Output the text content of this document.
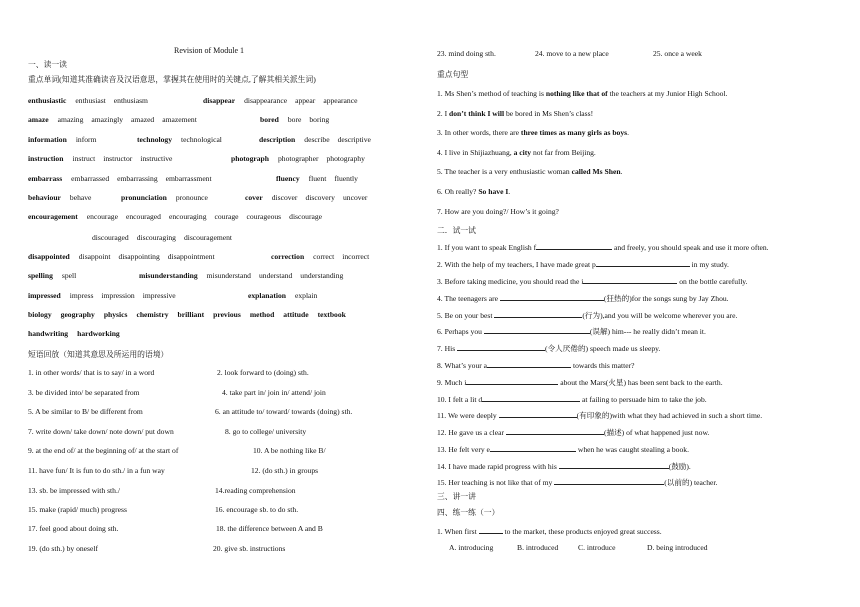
Revision of Module 1
一、读一读
重点单词(知道其准确读音及汉语意思，掌握其在使用时的关键点,了解其相关派生词)
enthusiastic enthusiast enthusiasm	disappear disappearance appear appearance
amaze amazing amazingly amazed amazement	bored bore boring
information inform	technology technological	description describe descriptive
instruction instruct instructor instructive	photograph photographer photography
embarrass embarrassed embarrassing embarrassment	fluency fluent fluently
behaviour behave	pronunciation pronounce	cover discover discovery uncover
encouragement encourage encouraged encouraging courage courageous discourage
discouraged discouraging discouragement
disappointed disappoint disappointing disappointment	correction correct incorrect
spelling spell	misunderstanding misunderstand understand understanding
impressed impress impression impressive	explanation explain
biology geography physics chemistry brilliant previous method attitude textbook
handwriting hardworking
短语回放（知道其意思及所运用的语境）
1. in other words/ that is to say/ in a word	2. look forward to (doing) sth.
3. be divided into/ be separated from	4. take part in/ join in/ attend/ join
5. A be similar to B/ be different from	6. an attitude to/ toward/ towards (doing) sth.
7. write down/ take down/ note down/ put down	8. go to college/ university
9. at the end of/ at the beginning of/ at the start of	10. A be nothing like B/
11. have fun/ It is fun to do sth./ in a fun way	12. (do sth.) in groups
13. sb. be impressed with sth./	14.reading comprehension
15. make (rapid/ much) progress	16. encourage sb. to do sth.
17. feel good about doing sth.	18. the difference between A and B
19. (do sth.) by oneself	20. give sb. instructions
23. mind doing sth.	24. move to a new place	25. once a week
重点句型
1. Ms Shen’s method of teaching is nothing like that of the teachers at my Junior High School.
2. I don’t think I will be bored in Ms Shen’s class!
3. In other words, there are three times as many girls as boys.
4. I live in Shijiazhuang, a city not far from Beijing.
5. The teacher is a very enthusiastic woman called Ms Shen.
6. Oh really? So have I.
7. How are you doing?/ How’s it going?
二．试一试
1. If you want to speak English f	and freely, you should speak and use it more often.
2. With the help of my teachers, I have made great p	in my study.
3. Before taking medicine, you should read the i	on the bottle carefully.
4. The teenagers are	(狂热的)for the songs sung by Jay Zhou.
5. Be on your best	(行为),and you will be welcome wherever you are.
6. Perhaps you	(误解) him--- he really didn’t mean it.
7. His	(令人厌倦的) speech made us sleepy.
8. What’s your a	towards this matter?
9. Much i	about the Mars(火星) has been sent back to the earth.
10. I felt a lit d	at failing to persuade him to take the job.
11. We were deeply	(有印象的)with what they had achieved in such a short time.
12. He gave us a clear	(描述) of what happened just now.
13. He felt very e	when he was caught stealing a book.
14. I have made rapid progress with his	(鼓励).
15. Her teaching is not like that of my	(以前的) teacher.
三、讲一讲
四、练一练（一）
1. When first	to the market, these products enjoyed great success.
A. introducing	B. introduced	C. introduce	D. being introduced
